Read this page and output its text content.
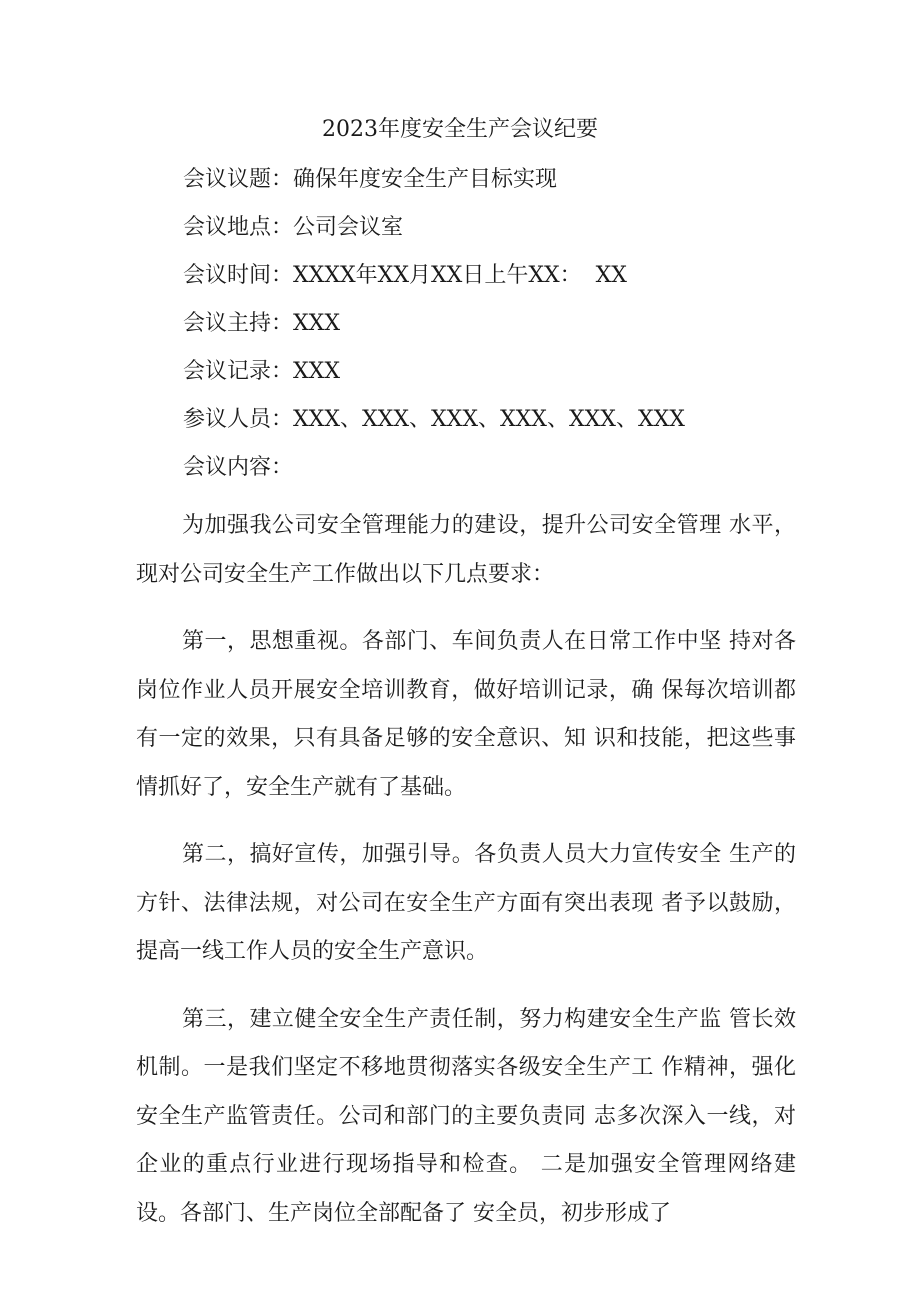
2023年度安全生产会议纪要
会议议题：确保年度安全生产目标实现
会议地点：公司会议室
会议时间：XXXX年XX月XX日上午XX：  XX
会议主持：XXX
会议记录：XXX
参议人员：XXX、XXX、XXX、XXX、XXX、XXX
会议内容：

为加强我公司安全管理能力的建设，提升公司安全管理 水平，现对公司安全生产工作做出以下几点要求：

第一，思想重视。各部门、车间负责人在日常工作中坚 持对各岗位作业人员开展安全培训教育，做好培训记录，确 保每次培训都有一定的效果，只有具备足够的安全意识、知 识和技能，把这些事情抓好了，安全生产就有了基础。

第二，搞好宣传，加强引导。各负责人员大力宣传安全 生产的方针、法律法规，对公司在安全生产方面有突出表现 者予以鼓励，提高一线工作人员的安全生产意识。

第三，建立健全安全生产责任制，努力构建安全生产监 管长效机制。一是我们坚定不移地贯彻落实各级安全生产工 作精神，强化安全生产监管责任。公司和部门的主要负责同 志多次深入一线，对企业的重点行业进行现场指导和检查。 二是加强安全管理网络建设。各部门、生产岗位全部配备了 安全员，初步形成了
